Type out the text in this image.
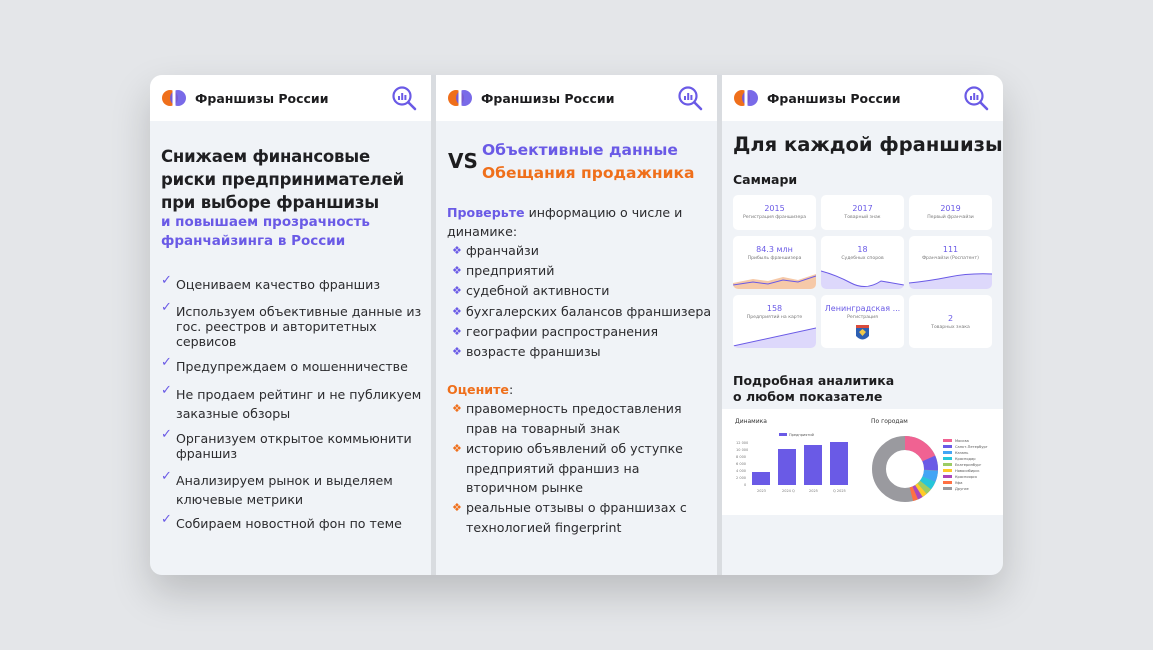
Франшизы России
Снижаем финансовые риски предпринимателей при выборе франшизы
и повышаем прозрачность франчайзинга в России
✓ Оцениваем качество франшиз
✓ Используем объективные данные из гос. реестров и авторитетных сервисов
✓ Предупреждаем о мошенничестве
✓ Не продаем рейтинг и не публикуем заказные обзоры
✓ Организуем открытое коммьюнити франшиз
✓ Анализируем рынок и выделяем ключевые метрики
✓ Собираем новостной фон по теме
Франшизы России
VS Объективные данные
Обещания продажника
Проверьте информацию о числе и динамике:
❖ франчайзи
❖ предприятий
❖ судебной активности
❖ бухгалерских балансов франшизера
❖ географии распространения
❖ возрасте франшизы
Оцените:
❖ правомерность предоставления прав на товарный знак
❖ историю объявлений об уступке предприятий франшиз на вторичном рынке
❖ реальные отзывы о франшизах с технологией fingerprint
Франшизы России
Для каждой франшизы
Саммари
2015
Регистрация франшизера
2017
Товарный знак
2019
Первый франчайзи
84.3 млн
Прибыль франшизера
18
Судебных споров
111
Франчайзи (Роспатент)
158
Предприятий на карте
Ленинградская ...
Регистрация	2
Товарных знака
Подробная аналитика о любом показателе
Динамика	По городам
Предприятий
12 000
10 000
8 000
6 000
4 000
2 000
0
2023	2024 Q	2025	Q 2025
Москва
Санкт-Петербург
Казань
Краснодар
Екатеринбург
Новосибирск
Красноярск
Уфа
Другие
